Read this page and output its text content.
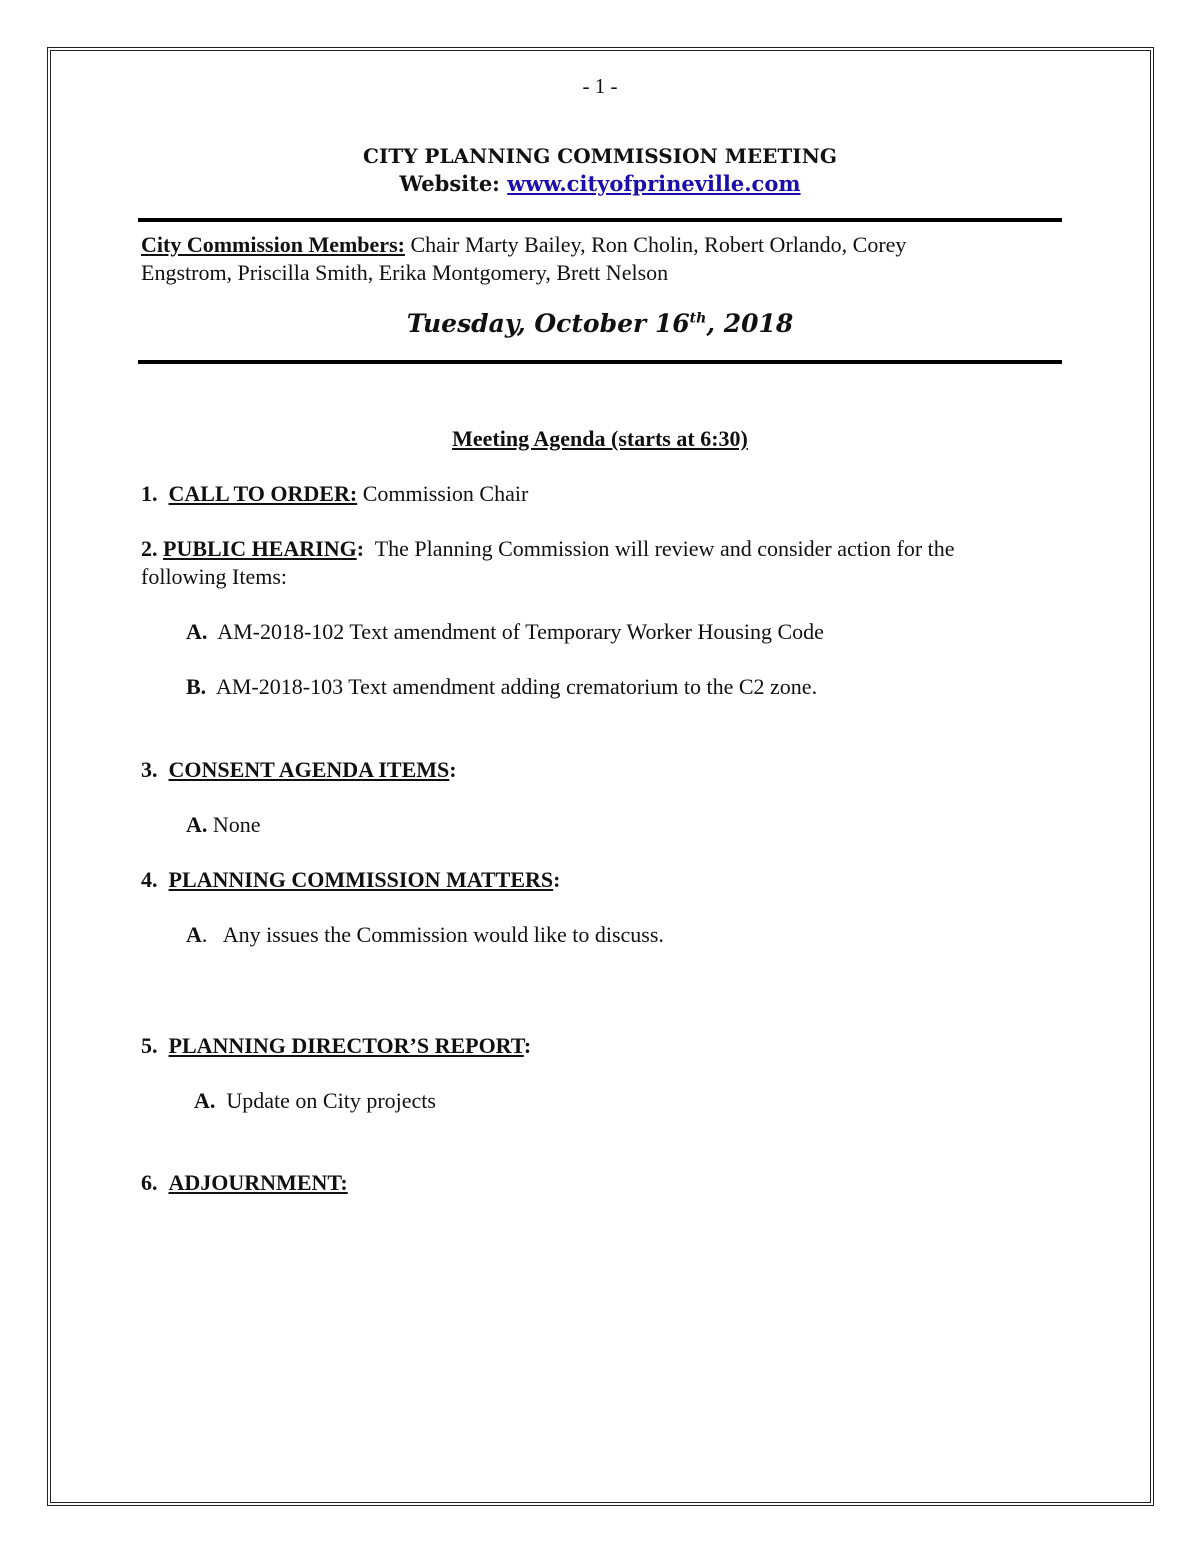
- 1 -
CITY PLANNING COMMISSION MEETING
Website: www.cityofprineville.com
City Commission Members: Chair Marty Bailey, Ron Cholin, Robert Orlando, Corey
Engstrom, Priscilla Smith, Erika Montgomery, Brett Nelson
Tuesday, October 16th, 2018
Meeting Agenda (starts at 6:30)
1. CALL TO ORDER: Commission Chair
2. PUBLIC HEARING: The Planning Commission will review and consider action for the
following Items:
A. AM-2018-102 Text amendment of Temporary Worker Housing Code
B. AM-2018-103 Text amendment adding crematorium to the C2 zone.
3. CONSENT AGENDA ITEMS:
A. None
4. PLANNING COMMISSION MATTERS:
A. Any issues the Commission would like to discuss.
5. PLANNING DIRECTOR’S REPORT:
A. Update on City projects
6. ADJOURNMENT:
